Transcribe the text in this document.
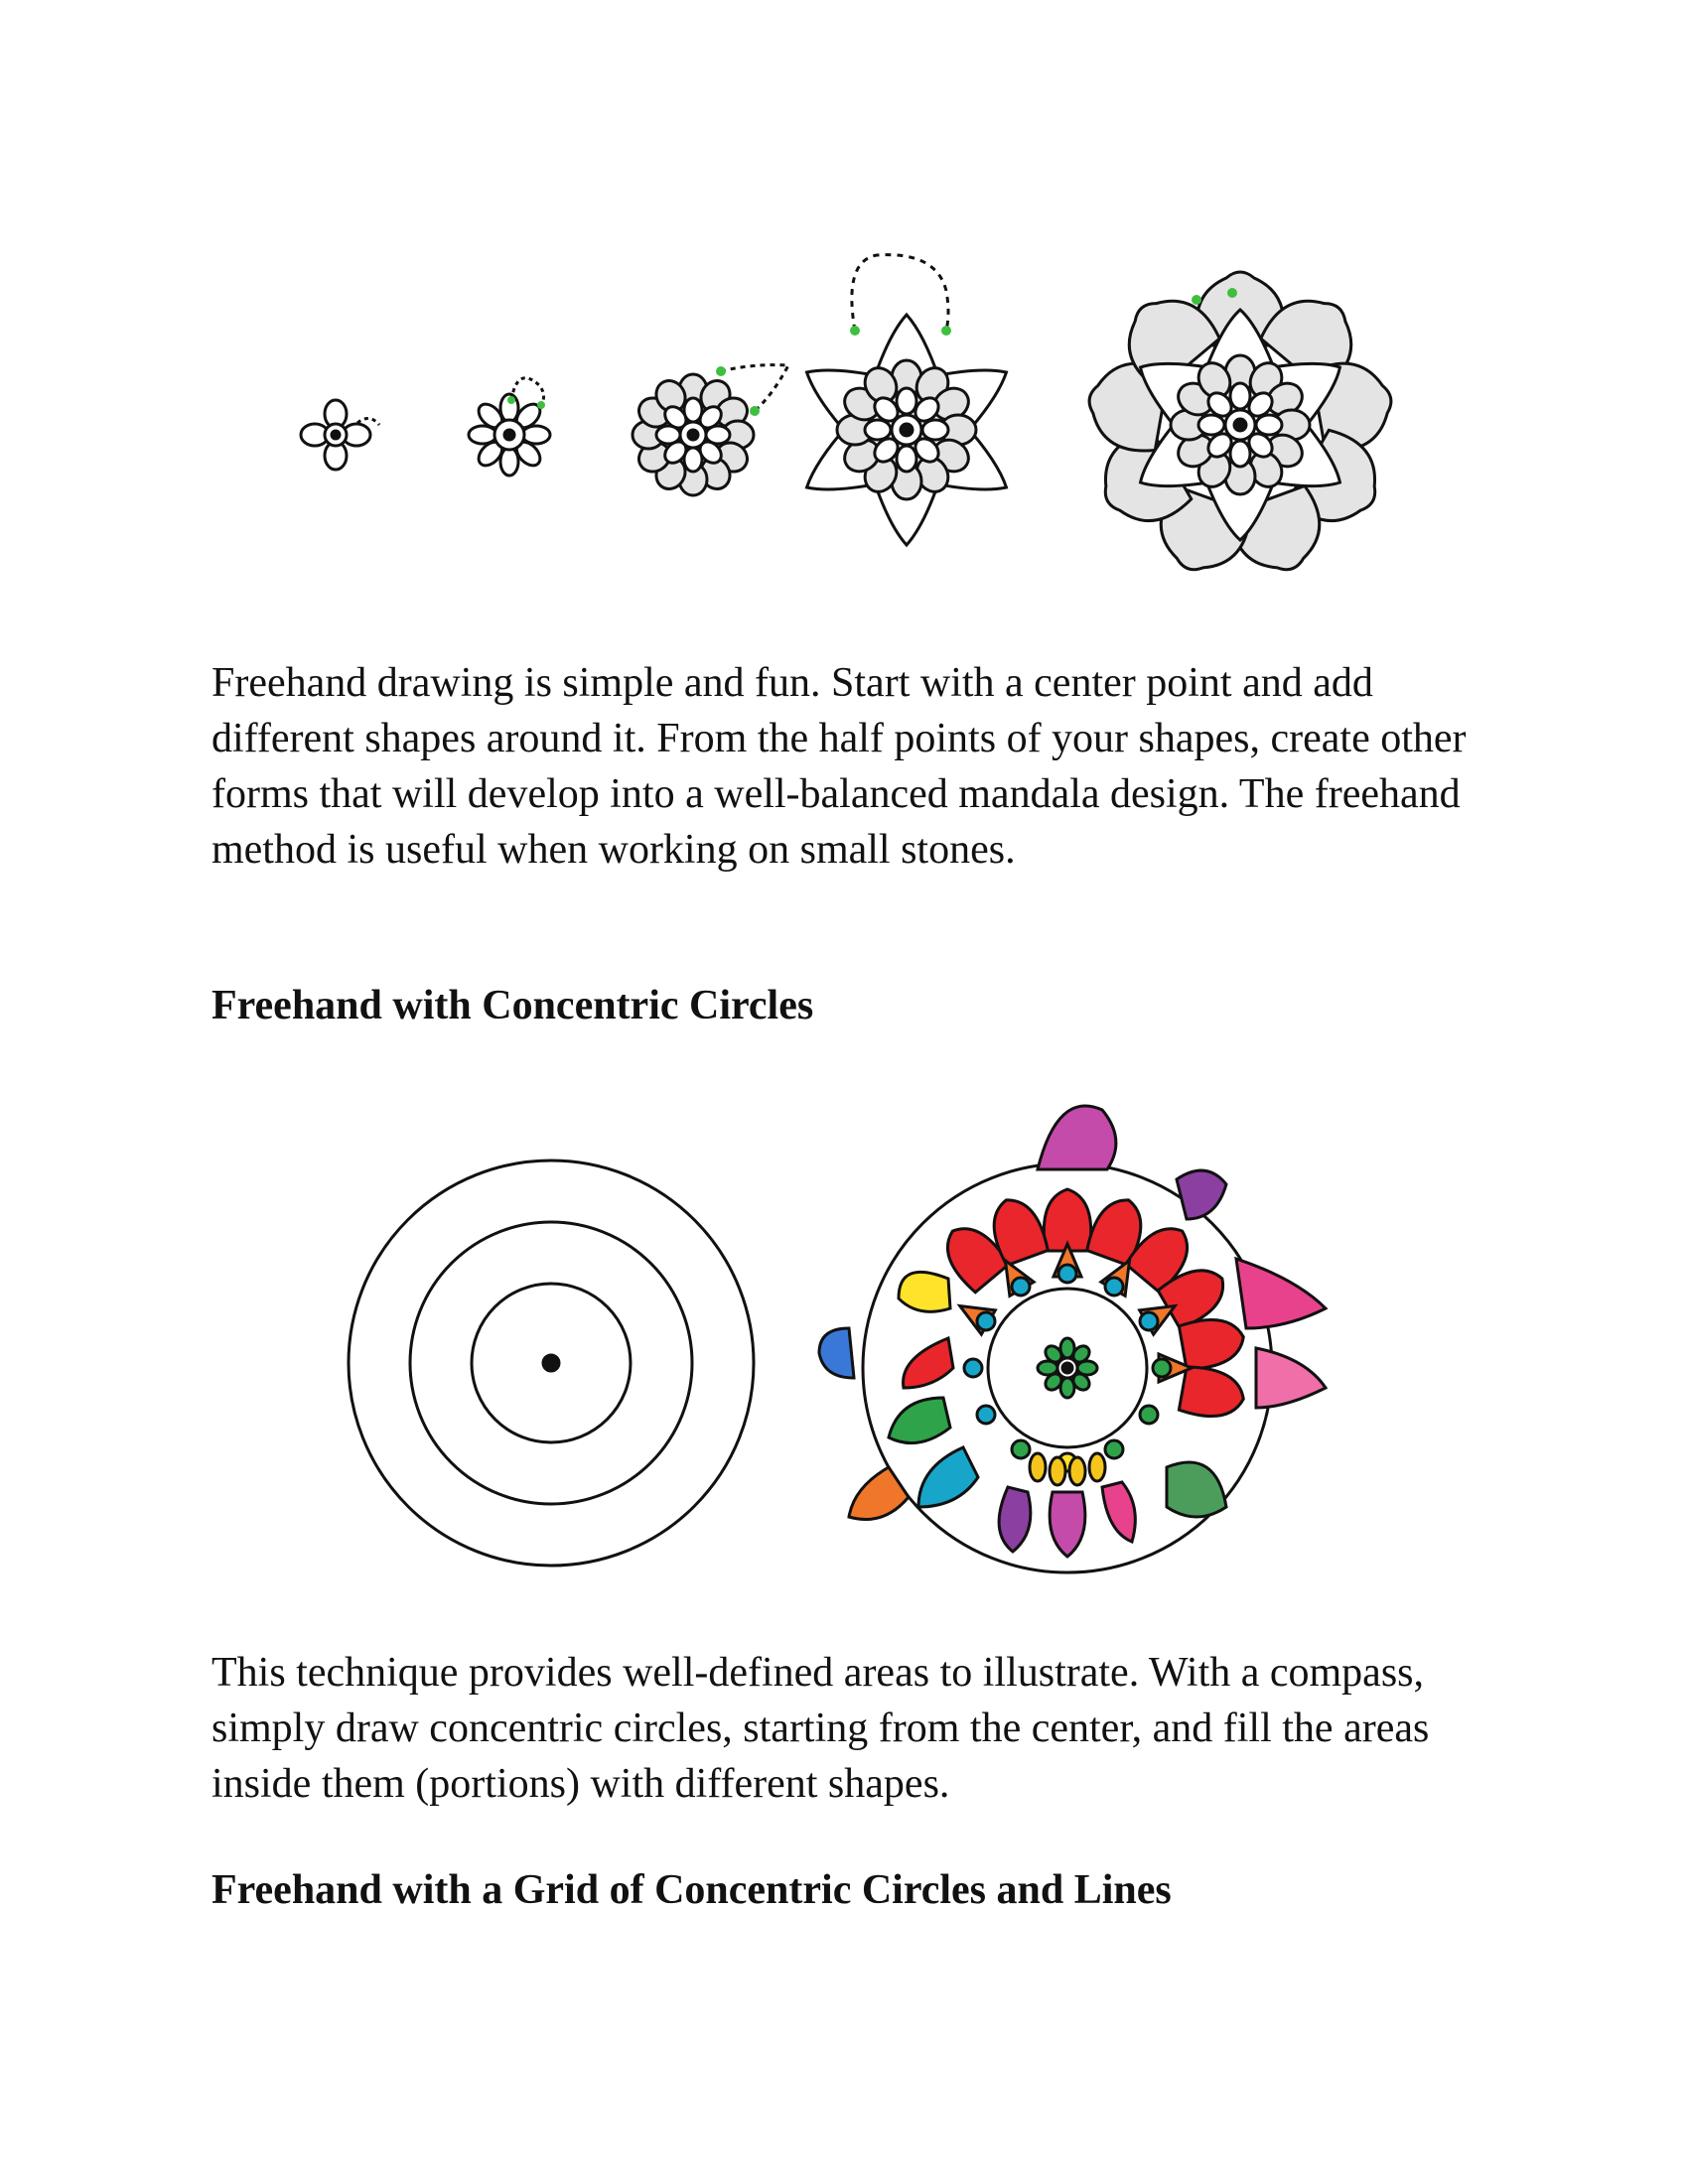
Freehand drawing is simple and fun. Start with a center point and add different shapes around it. From the half points of your shapes, create other forms that will develop into a well-balanced mandala design. The freehand method is useful when working on small stones.

Freehand with Concentric Circles

This technique provides well-defined areas to illustrate. With a compass, simply draw concentric circles, starting from the center, and fill the areas inside them (portions) with different shapes.

Freehand with a Grid of Concentric Circles and Lines
